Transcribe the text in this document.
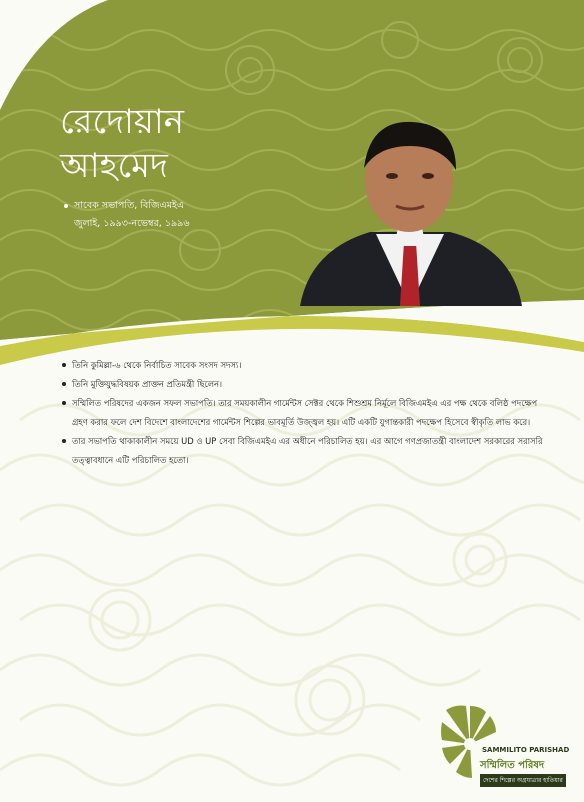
রেদোয়ান
আহমেদ
সাবেক সভাপতি, বিজিএমইএ
জুলাই, ১৯৯৩-নভেম্বর, ১৯৯৬
তিনি কুমিল্লা-৬ থেকে নির্বাচিত সাবেক সংসদ সদস্য।
তিনি মুক্তিযুদ্ধবিষয়ক প্রাক্তন প্রতিমন্ত্রী ছিলেন।
সম্মিলিত পরিষদের একজন সফল সভাপতি। তার সময়কালীন গার্মেন্টস সেক্টর থেকে শিশুশ্রম নির্মূলে বিজিএমইএ এর পক্ষ থেকে বলিষ্ঠ পদক্ষেপ গ্রহণ করার ফলে দেশ বিদেশে বাংলাদেশের গার্মেন্টস শিল্পের ভাবমূর্তি উজ্জ্বল হয়। এটি একটি যুগান্তকারী পদক্ষেপ হিসেবে স্বীকৃতি লাভ করে।
তার সভাপতি থাকাকালীন সময়ে UD ও UP সেবা বিজিএমইএ এর অধীনে পরিচালিত হয়। এর আগে গণপ্রজাতন্ত্রী বাংলাদেশ সরকারের সরাসরি তত্ত্বাবধানে এটি পরিচালিত হতো।
SAMMILITO PARISHAD
সম্মিলিত পরিষদ
দেশের শিল্পের অগ্রযাত্রার হাতিয়ার
